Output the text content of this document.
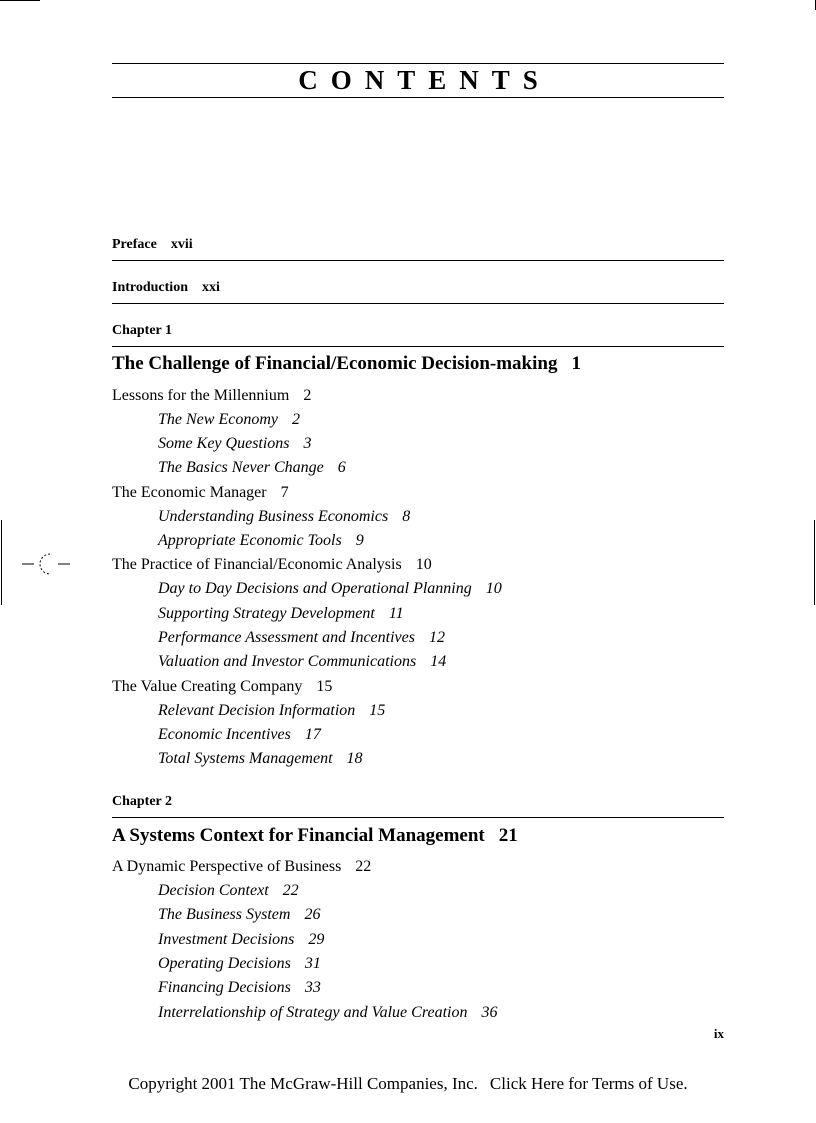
CONTENTS
Preface xvii
Introduction xxi
Chapter 1
The Challenge of Financial/Economic Decision-making 1
Lessons for the Millennium 2
The New Economy 2
Some Key Questions 3
The Basics Never Change 6
The Economic Manager 7
Understanding Business Economics 8
Appropriate Economic Tools 9
The Practice of Financial/Economic Analysis 10
Day to Day Decisions and Operational Planning 10
Supporting Strategy Development 11
Performance Assessment and Incentives 12
Valuation and Investor Communications 14
The Value Creating Company 15
Relevant Decision Information 15
Economic Incentives 17
Total Systems Management 18
Chapter 2
A Systems Context for Financial Management 21
A Dynamic Perspective of Business 22
Decision Context 22
The Business System 26
Investment Decisions 29
Operating Decisions 31
Financing Decisions 33
Interrelationship of Strategy and Value Creation 36
ix
Copyright 2001 The McGraw-Hill Companies, Inc. Click Here for Terms of Use.
